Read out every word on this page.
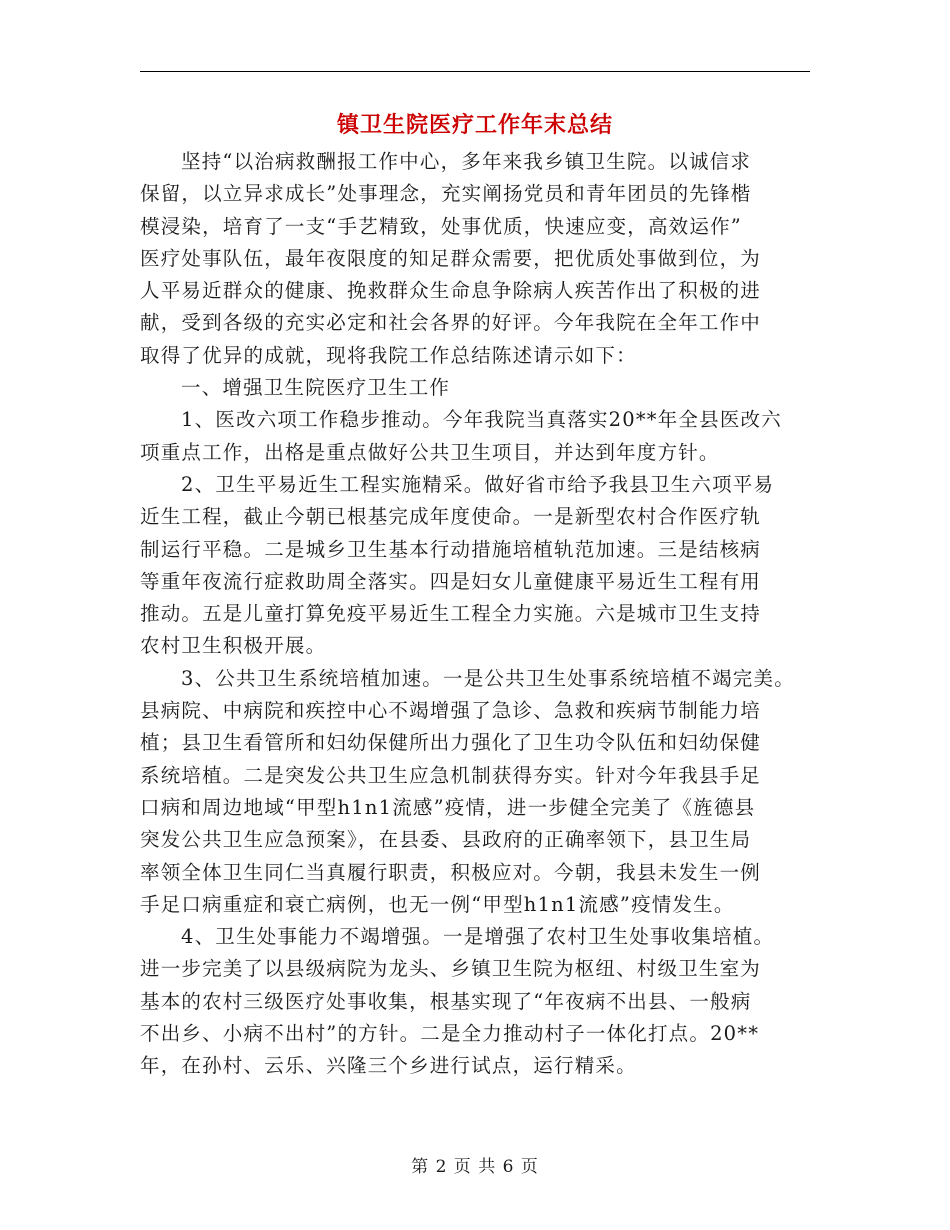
镇卫生院医疗工作年末总结
坚持“以治病救酬报工作中心，多年来我乡镇卫生院。以诚信求
保留，以立异求成长”处事理念，充实阐扬党员和青年团员的先锋楷
模浸染，培育了一支“手艺精致，处事优质，快速应变，高效运作”
医疗处事队伍，最年夜限度的知足群众需要，把优质处事做到位，为
人平易近群众的健康、挽救群众生命息争除病人疾苦作出了积极的进
献，受到各级的充实必定和社会各界的好评。今年我院在全年工作中
取得了优异的成就，现将我院工作总结陈述请示如下：
一、增强卫生院医疗卫生工作
1、医改六项工作稳步推动。今年我院当真落实20**年全县医改六
项重点工作，出格是重点做好公共卫生项目，并达到年度方针。
2、卫生平易近生工程实施精采。做好省市给予我县卫生六项平易
近生工程，截止今朝已根基完成年度使命。一是新型农村合作医疗轨
制运行平稳。二是城乡卫生基本行动措施培植轨范加速。三是结核病
等重年夜流行症救助周全落实。四是妇女儿童健康平易近生工程有用
推动。五是儿童打算免疫平易近生工程全力实施。六是城市卫生支持
农村卫生积极开展。
3、公共卫生系统培植加速。一是公共卫生处事系统培植不竭完美。
县病院、中病院和疾控中心不竭增强了急诊、急救和疾病节制能力培
植；县卫生看管所和妇幼保健所出力强化了卫生功令队伍和妇幼保健
系统培植。二是突发公共卫生应急机制获得夯实。针对今年我县手足
口病和周边地域“甲型h1n1流感”疫情，进一步健全完美了《旌德县
突发公共卫生应急预案》，在县委、县政府的正确率领下，县卫生局
率领全体卫生同仁当真履行职责，积极应对。今朝，我县未发生一例
手足口病重症和衰亡病例，也无一例“甲型h1n1流感”疫情发生。
4、卫生处事能力不竭增强。一是增强了农村卫生处事收集培植。
进一步完美了以县级病院为龙头、乡镇卫生院为枢纽、村级卫生室为
基本的农村三级医疗处事收集，根基实现了“年夜病不出县、一般病
不出乡、小病不出村”的方针。二是全力推动村子一体化打点。20**
年，在孙村、云乐、兴隆三个乡进行试点，运行精采。
第 2 页 共 6 页
